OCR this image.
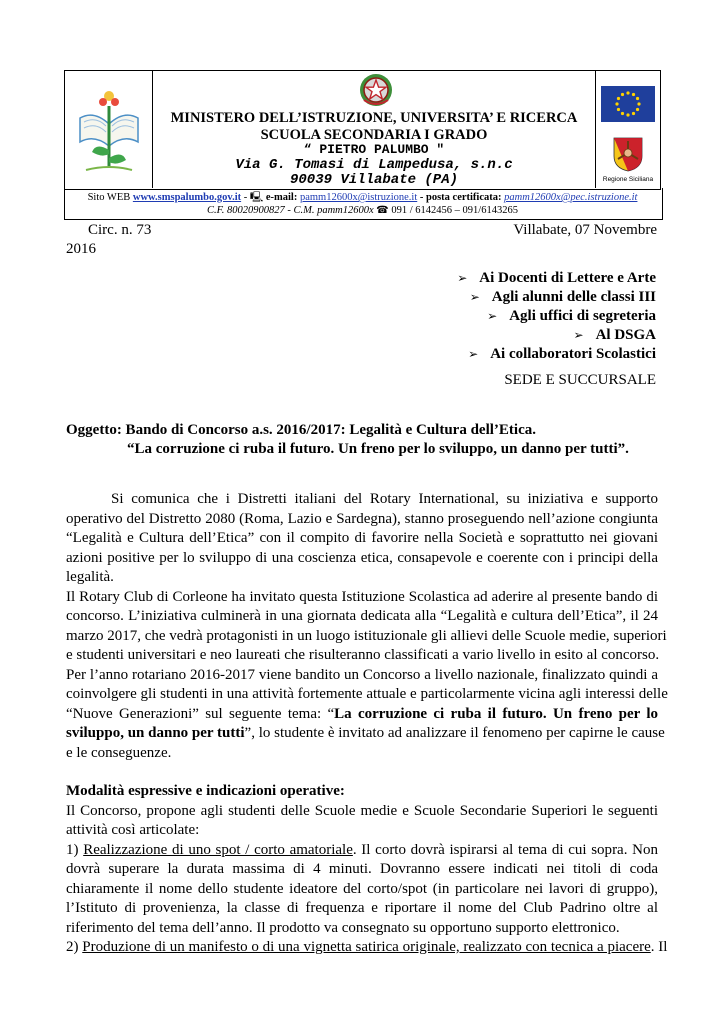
MINISTERO DELL’ISTRUZIONE, UNIVERSITA’ E RICERCA
SCUOLA SECONDARIA I GRADO
“ PIETRO PALUMBO "
Via G. Tomasi di Lampedusa, s.n.c
90039 Villabate (PA)	Regione Siciliana
Sito WEB www.smspalumbo.gov.it - 🖳 e-mail: pamm12600x@istruzione.it - posta certificata: pamm12600x@pec.istruzione.it
C.F. 80020900827 - C.M. pamm12600x ☎ 091 / 6142456 – 091/6143265
Circ. n. 73	Villabate, 07 Novembre
2016
➢ Ai Docenti di Lettere e Arte
➢ Agli alunni delle classi III
➢ Agli uffici di segreteria
➢ Al DSGA
➢ Ai collaboratori Scolastici
SEDE E SUCCURSALE
Oggetto: Bando di Concorso a.s. 2016/2017: Legalità e Cultura dell’Etica.
“La corruzione ci ruba il futuro. Un freno per lo sviluppo, un danno per tutti”.
Si comunica che i Distretti italiani del Rotary International, su iniziativa e supporto
operativo del Distretto 2080 (Roma, Lazio e Sardegna), stanno proseguendo nell’azione congiunta
“Legalità e Cultura dell’Etica” con il compito di favorire nella Società e soprattutto nei giovani
azioni positive per lo sviluppo di una coscienza etica, consapevole e coerente con i principi della
legalità.
Il Rotary Club di Corleone ha invitato questa Istituzione Scolastica ad aderire al presente bando di
concorso. L’iniziativa culminerà in una giornata dedicata alla “Legalità e cultura dell’Etica”, il 24
marzo 2017, che vedrà protagonisti in un luogo istituzionale gli allievi delle Scuole medie, superiori
e studenti universitari e neo laureati che risulteranno classificati a vario livello in esito al concorso.
Per l’anno rotariano 2016-2017 viene bandito un Concorso a livello nazionale, finalizzato quindi a
coinvolgere gli studenti in una attività fortemente attuale e particolarmente vicina agli interessi delle
“Nuove Generazioni” sul seguente tema: “La corruzione ci ruba il futuro. Un freno per lo
sviluppo, un danno per tutti”, lo studente è invitato ad analizzare il fenomeno per capirne le cause
e le conseguenze.
Modalità espressive e indicazioni operative:
Il Concorso, propone agli studenti delle Scuole medie e Scuole Secondarie Superiori le seguenti
attività così articolate:
1) Realizzazione di uno spot / corto amatoriale. Il corto dovrà ispirarsi al tema di cui sopra. Non
dovrà superare la durata massima di 4 minuti. Dovranno essere indicati nei titoli di coda
chiaramente il nome dello studente ideatore del corto/spot (in particolare nei lavori di gruppo),
l’Istituto di provenienza, la classe di frequenza e riportare il nome del Club Padrino oltre al
riferimento del tema dell’anno. Il prodotto va consegnato su opportuno supporto elettronico.
2) Produzione di un manifesto o di una vignetta satirica originale, realizzato con tecnica a piacere. Il
